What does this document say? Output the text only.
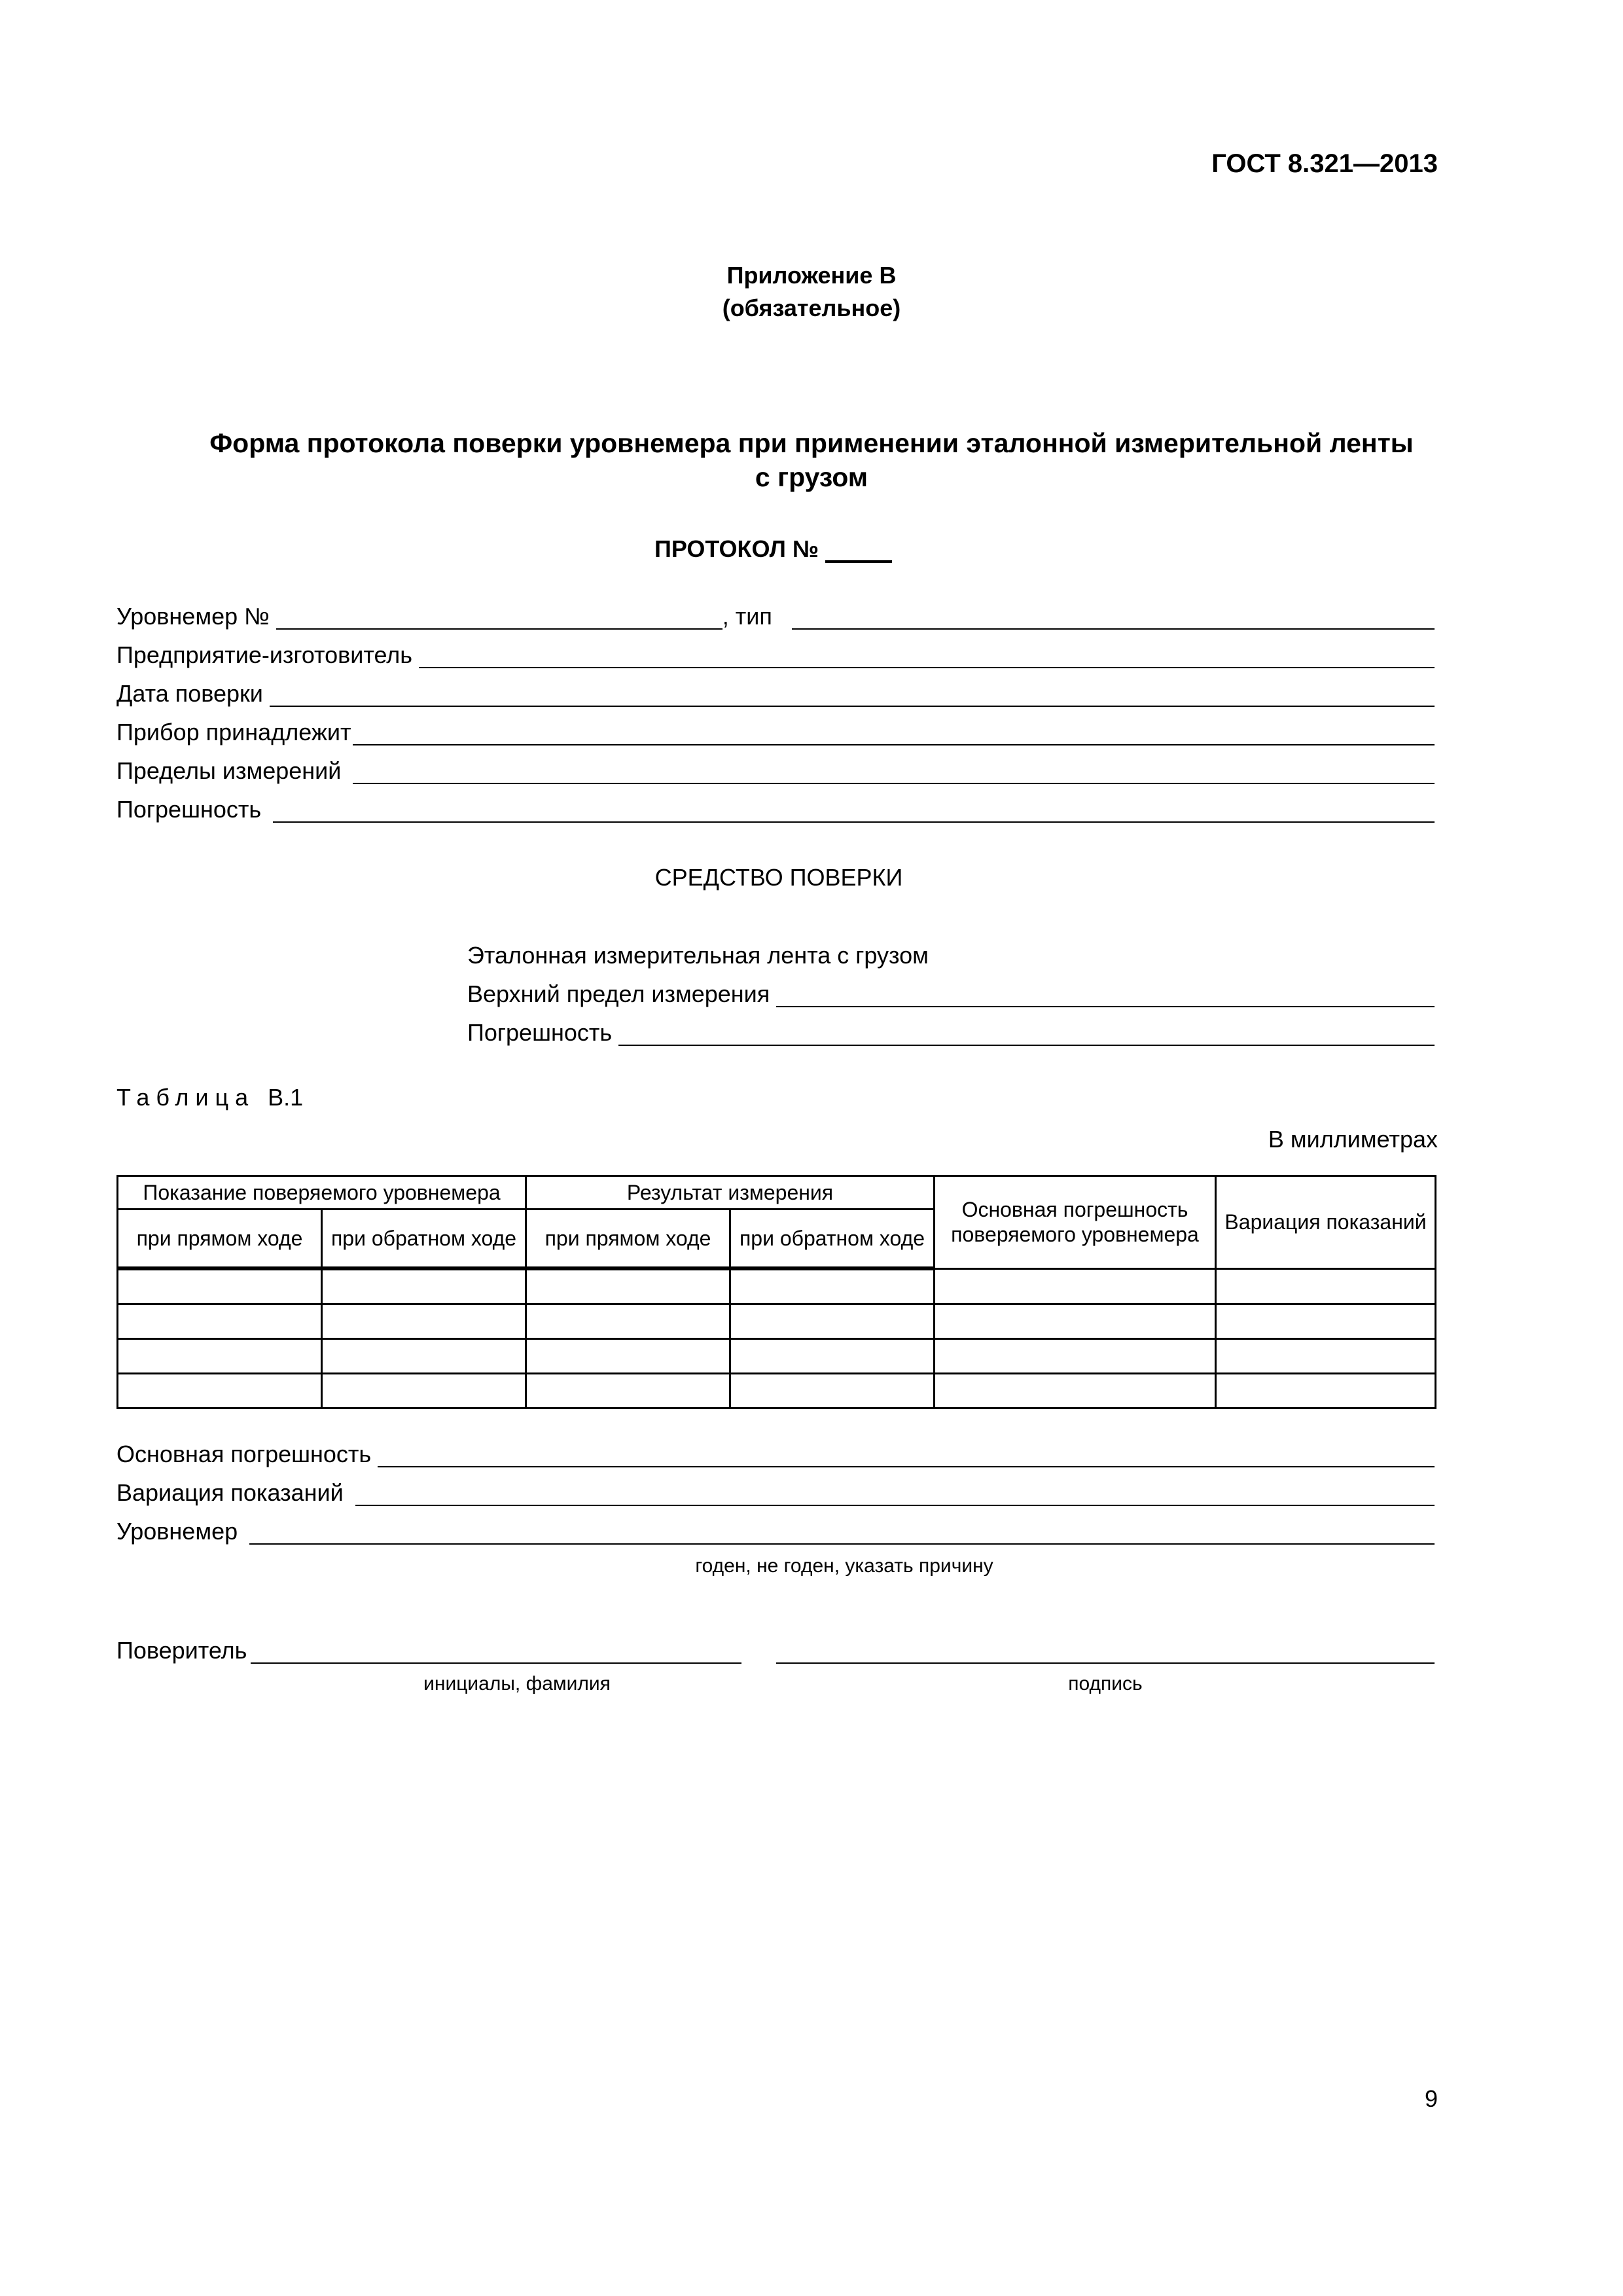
ГОСТ 8.321—2013
Приложение В
(обязательное)
Форма протокола поверки уровнемера при применении эталонной измерительной ленты
с грузом
ПРОТОКОЛ №
Уровнемер №	, тип
Предприятие-изготовитель
Дата поверки
Прибор принадлежит
Пределы измерений
Погрешность
СРЕДСТВО ПОВЕРКИ
Эталонная измерительная лента с грузом
Верхний предел измерения
Погрешность
Таблица В.1
В миллиметрах
Показание поверяемого уровнемера		Результат измерения		Основная погрешность поверяемого уровнемера	Вариация показаний
при прямом ходе	при обратном ходе	при прямом ходе	при обратном ходе		

Основная погрешность
Вариация показаний
Уровнемер
годен, не годен, указать причину
Поверитель
инициалы, фамилия	подпись
9
